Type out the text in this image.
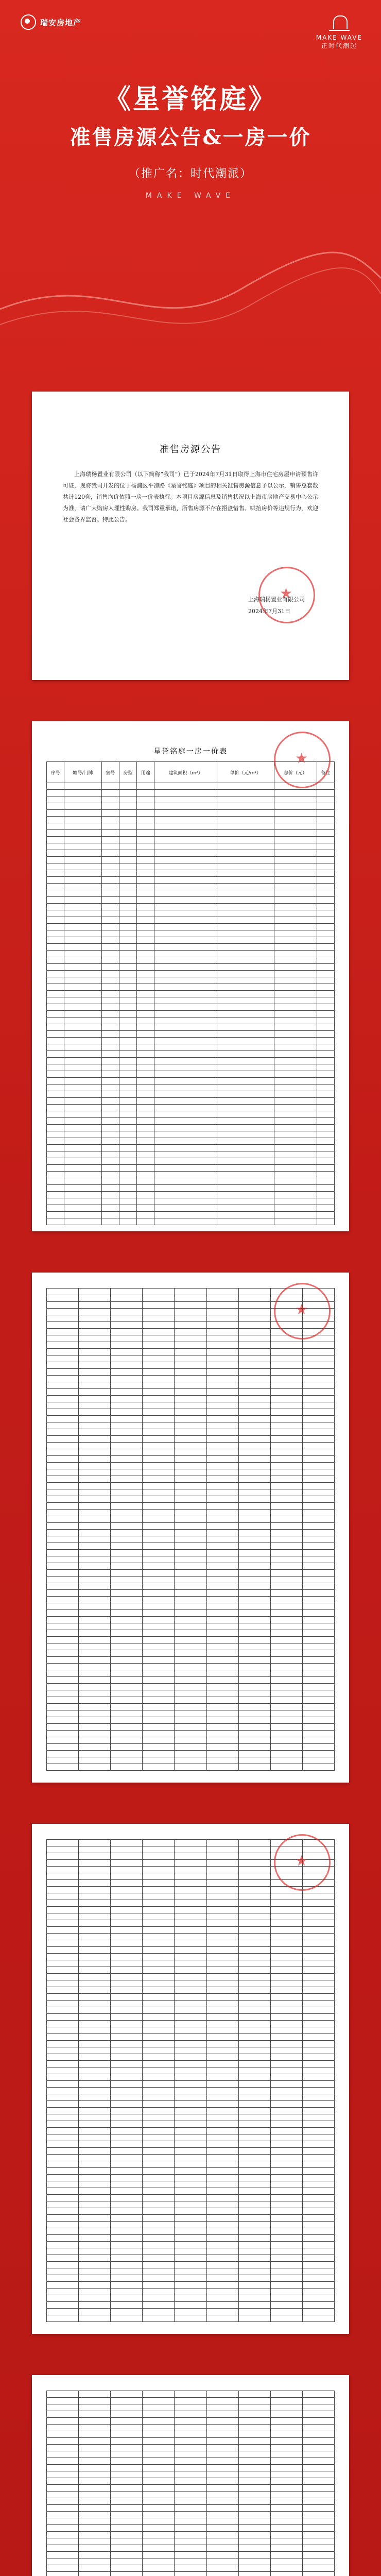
瑞安房地产
MAKE WAVE
正时代潮起
《星誉铭庭》
准售房源公告&一房一价
（推广名：时代潮派）
MAKE WAVE
准售房源公告
上海瑞杨置业有限公司（以下简称“我司”）已于2024年7月31日取得上海市住宅房屋申请预售许可证，现将我司开发的位于杨浦区平凉路《星誉铭庭》项目的相关准售房源信息予以公示，销售总套数共计120套，销售均价依照一房一价表执行。本项目房源信息及销售状况以上海市房地产交易中心公示为准，请广大购房人理性购房。我司郑重承诺，所售房源不存在捂盘惜售、哄抬房价等违规行为，欢迎社会各界监督。特此公告。
上海瑞杨置业有限公司
2024年7月31日
★
星誉铭庭一房一价表
序号	幢号/门牌	室号	房型	用途	建筑面积（m²）	单价（元/m²）	总价（元）	备注

★

★

★
